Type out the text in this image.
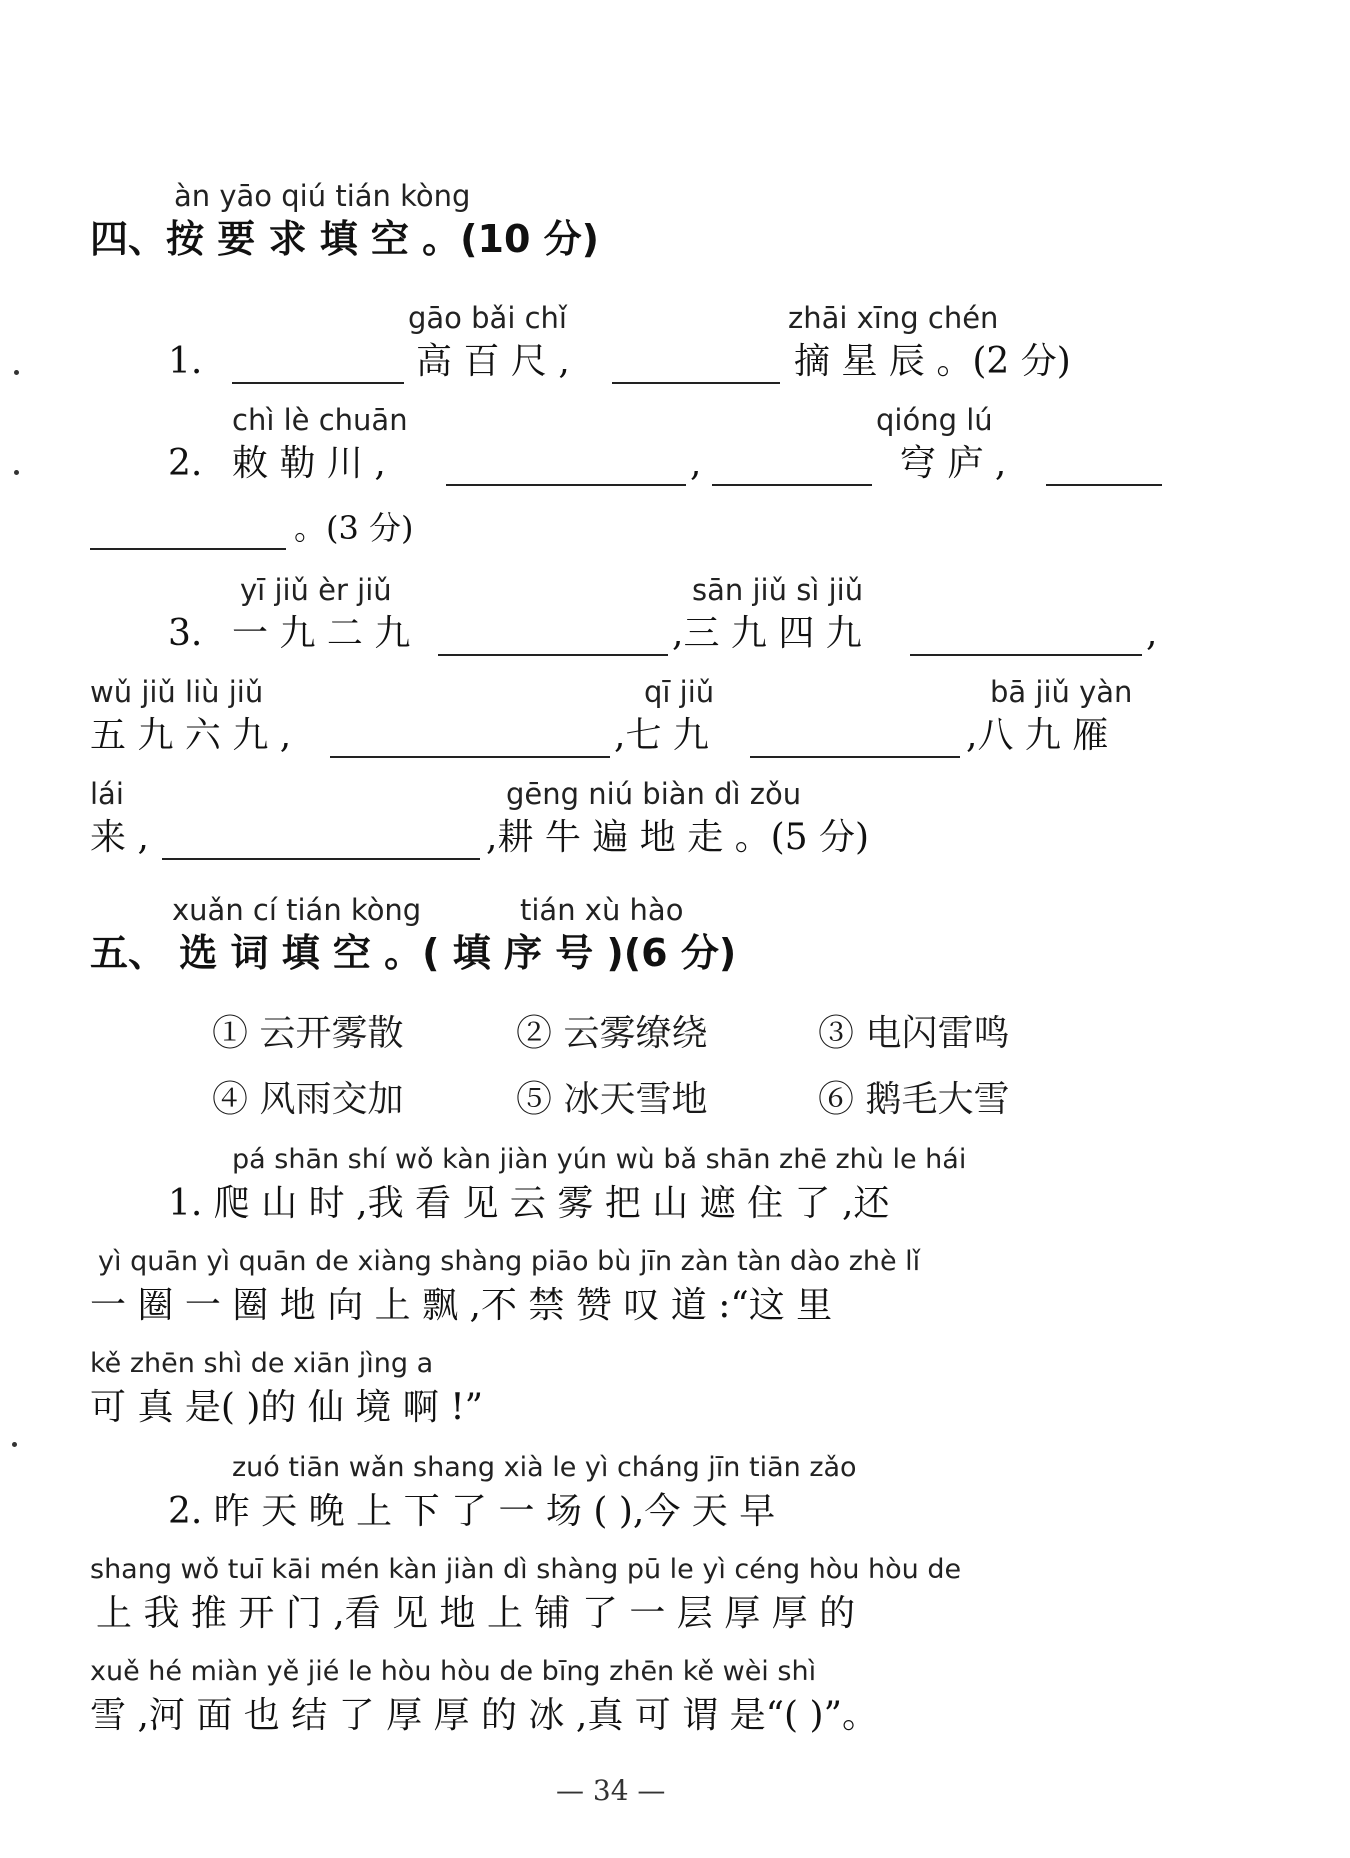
àn yāo qiú tián kòng
四、按 要 求 填 空 。(10 分)
gāo bǎi chǐ	zhāi xīng chén
1.	高 百 尺 ,	摘 星 辰 。(2 分)
chì lè chuān	qióng lú
2. 敕 勒 川 ,	,	穹 庐 ,
。(3 分)
yī jiǔ èr jiǔ	sān jiǔ sì jiǔ
3. 一 九 二 九	,三 九 四 九	,
wǔ jiǔ liù jiǔ	qī jiǔ	bā jiǔ yàn
五 九 六 九 ,	,七 九	,八 九 雁
lái	gēng niú biàn dì zǒu
来 ,	,耕 牛 遍 地 走 。(5 分)
xuǎn cí tián kòng	tián xù hào
五、 选 词 填 空 。( 填 序 号 )(6 分)
① 云开雾散	② 云雾缭绕	③ 电闪雷鸣
④ 风雨交加	⑤ 冰天雪地	⑥ 鹅毛大雪
pá shān shí wǒ kàn jiàn yún wù bǎ shān zhē zhù le hái
1. 爬 山 时 ,我 看 见 云 雾 把 山 遮 住 了 ,还
yì quān yì quān de xiàng shàng piāo bù jīn zàn tàn dào zhè lǐ
一 圈 一 圈 地 向 上 飘 ,不 禁 赞 叹 道 :“这 里
kě zhēn shì de xiān jìng a
可 真 是( )的 仙 境 啊 !”
zuó tiān wǎn shang xià le yì cháng jīn tiān zǎo
2. 昨 天 晚 上 下 了 一 场 ( ),今 天 早
shang wǒ tuī kāi mén kàn jiàn dì shàng pū le yì céng hòu hòu de
上 我 推 开 门 ,看 见 地 上 铺 了 一 层 厚 厚 的
xuě hé miàn yě jié le hòu hòu de bīng zhēn kě wèi shì
雪 ,河 面 也 结 了 厚 厚 的 冰 ,真 可 谓 是“( )”。
— 34 —
